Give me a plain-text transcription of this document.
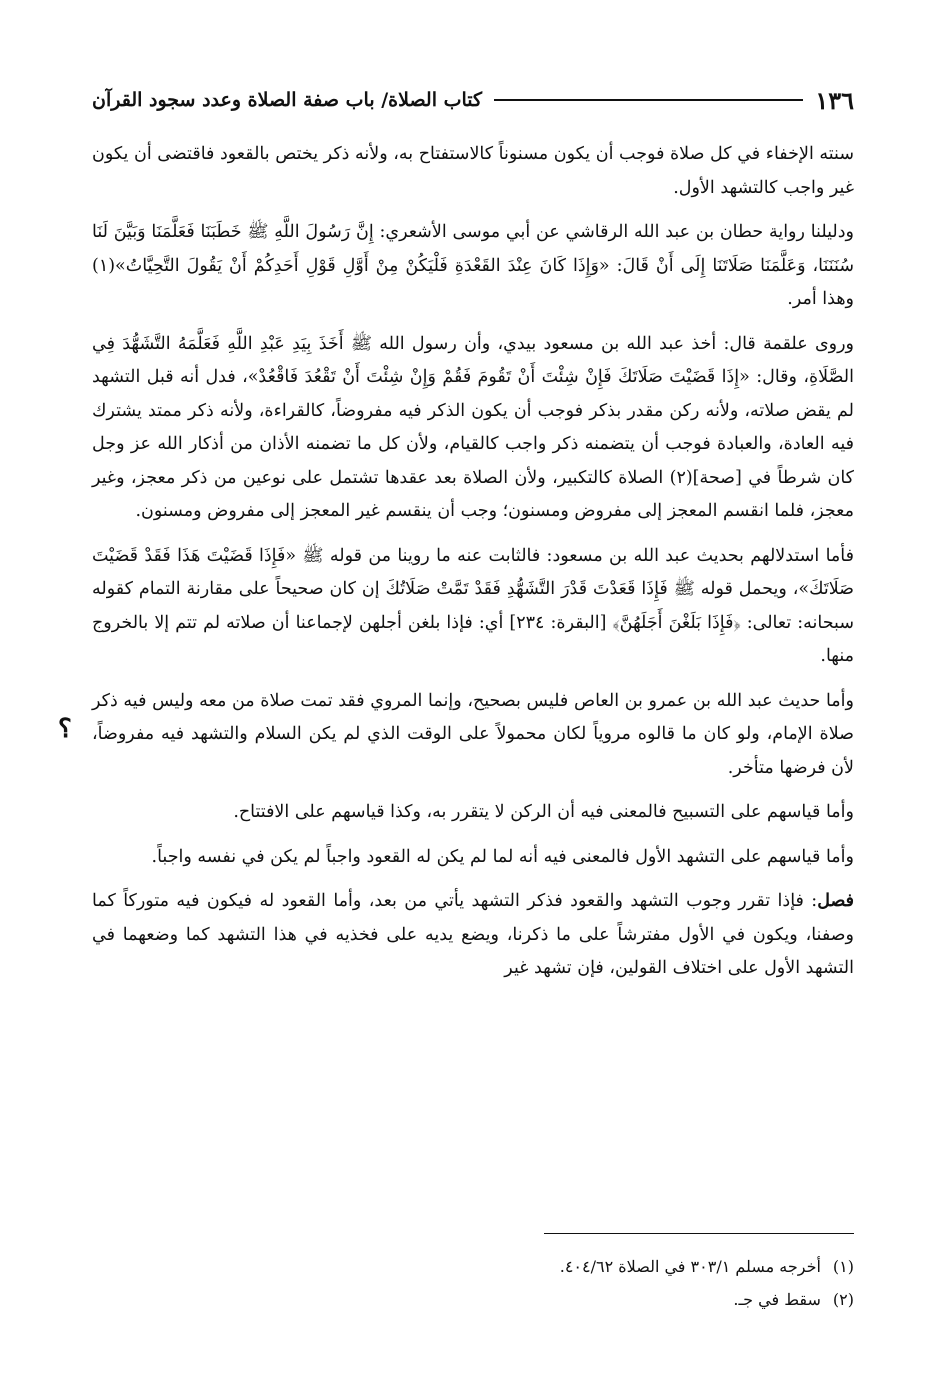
١٣٦
كتاب الصلاة/ باب صفة الصلاة وعدد سجود القرآن

سنته الإخفاء في كل صلاة فوجب أن يكون مسنوناً كالاستفتاح به، ولأنه ذكر يختص بالقعود فاقتضى أن يكون غير واجب كالتشهد الأول.

ودليلنا رواية حطان بن عبد الله الرقاشي عن أبي موسى الأشعري: إِنَّ رَسُولَ اللَّهِ ﷺ خَطَبَنَا فَعَلَّمَنَا وَبَيَّنَ لَنَا سُنَنَنَا، وَعَلَّمَنَا صَلَاتَنَا إِلَى أَنْ قَالَ: «وَإِذَا كَانَ عِنْدَ القَعْدَةِ فَلْيَكُنْ مِنْ أَوَّلِ قَوْلِ أَحَدِكُمْ أَنْ يَقُولَ التَّحِيَّاتُ»(١) وهذا أمر.

وروى علقمة قال: أخذ عبد الله بن مسعود بيدي، وأن رسول الله ﷺ أَخَذَ بِيَدِ عَبْدِ اللَّهِ فَعَلَّمَهُ التَّشَهُّدَ فِي الصَّلَاةِ، وقال: «إِذَا قَضَيْتَ صَلَاتَكَ فَإِنْ شِئْتَ أَنْ تَقُومَ فَقُمْ وَإِنْ شِئْتَ أَنْ تَقْعُدَ فَاقْعُدْ»، فدل أنه قبل التشهد لم يقض صلاته، ولأنه ركن مقدر بذكر فوجب أن يكون الذكر فيه مفروضاً، كالقراءة، ولأنه ذكر ممتد يشترك فيه العادة، والعبادة فوجب أن يتضمنه ذكر واجب كالقيام، ولأن كل ما تضمنه الأذان من أذكار الله عز وجل كان شرطاً في [صحة](٢) الصلاة كالتكبير، ولأن الصلاة بعد عقدها تشتمل على نوعين من ذكر معجز، وغير معجز، فلما انقسم المعجز إلى مفروض ومسنون؛ وجب أن ينقسم غير المعجز إلى مفروض ومسنون.

فأما استدلالهم بحديث عبد الله بن مسعود: فالثابت عنه ما روينا من قوله ﷺ «فَإِذَا قَضَيْتَ هَذَا فَقَدْ قَضَيْتَ صَلَاتَكَ»، ويحمل قوله ﷺ فَإِذَا قَعَدْتَ قَدْرَ التَّشَهُّدِ فَقَدْ تَمَّتْ صَلَاتُكَ إن كان صحيحاً على مقارنة التمام كقوله سبحانه: تعالى: ﴿فَإِذَا بَلَغْنَ أَجَلَهُنَّ﴾ [البقرة: ٢٣٤] أي: فإذا بلغن أجلهن لإجماعنا أن صلاته لم تتم إلا بالخروج منها.

وأما حديث عبد الله بن عمرو بن العاص فليس بصحيح، وإنما المروي فقد تمت صلاة من معه وليس فيه ذكر صلاة الإمام، ولو كان ما قالوه مروياً لكان محمولاً على الوقت الذي لم يكن السلام والتشهد فيه مفروضاً، لأن فرضها متأخر.

وأما قياسهم على التسبيح فالمعنى فيه أن الركن لا يتقرر به، وكذا قياسهم على الافتتاح.

وأما قياسهم على التشهد الأول فالمعنى فيه أنه لما لم يكن له القعود واجباً لم يكن في نفسه واجباً.

فصل: فإذا تقرر وجوب التشهد والقعود فذكر التشهد يأتي من بعد، وأما القعود له فيكون فيه متوركاً كما وصفنا، ويكون في الأول مفترشاً على ما ذكرنا، ويضع يديه على فخذيه في هذا التشهد كما وضعهما في التشهد الأول على اختلاف القولين، فإن تشهد غير

؟
(١)
أخرجه مسلم ٣٠٣/١ في الصلاة ٤٠٤/٦٢.
(٢)
سقط في جـ.
